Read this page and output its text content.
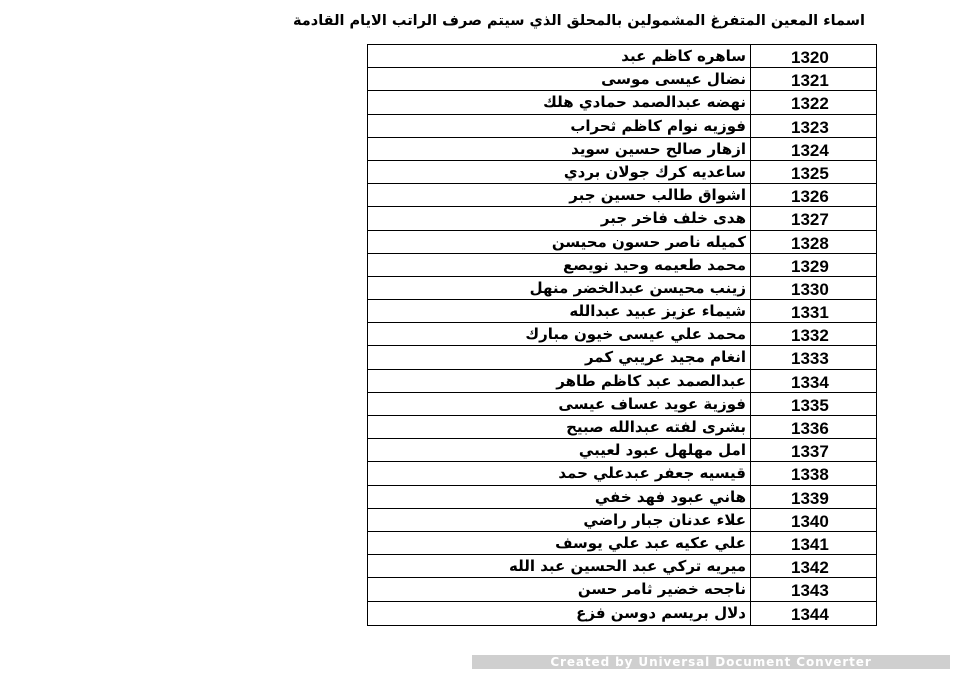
اسماء المعين المتفرغ المشمولين بالمحلق الذي سيتم صرف الراتب الايام القادمة
ساهره كاظم عبد	1320
نضال عيسى موسى	1321
نهضه عبدالصمد حمادي هلك	1322
فوزيه نوام كاظم ثحراب	1323
ازهار صالح حسين سويد	1324
ساعديه كرك جولان بردي	1325
اشواق طالب حسين جبر	1326
هدى خلف فاخر جبر	1327
كميله ناصر حسون محيسن	1328
محمد طعيمه وحيد نويصع	1329
زينب محيسن عبدالخضر منهل	1330
شيماء عزيز عبيد عبدالله	1331
محمد علي عيسى خيون مبارك	1332
انغام مجيد عريبي كمر	1333
عبدالصمد عبد كاظم طاهر	1334
فوزية عويد عساف عيسى	1335
بشرى لفته عبدالله صبيح	1336
امل مهلهل عبود لعيبي	1337
قيسيه جعفر عبدعلي حمد	1338
هاني عبود فهد خفي	1339
علاء عدنان جبار راضي	1340
علي عكيه عبد علي يوسف	1341
ميريه تركي عبد الحسين عبد الله	1342
ناجحه خضير ثامر حسن	1343
دلال بريسم دوسن فزع	1344
Created by Universal Document Converter
